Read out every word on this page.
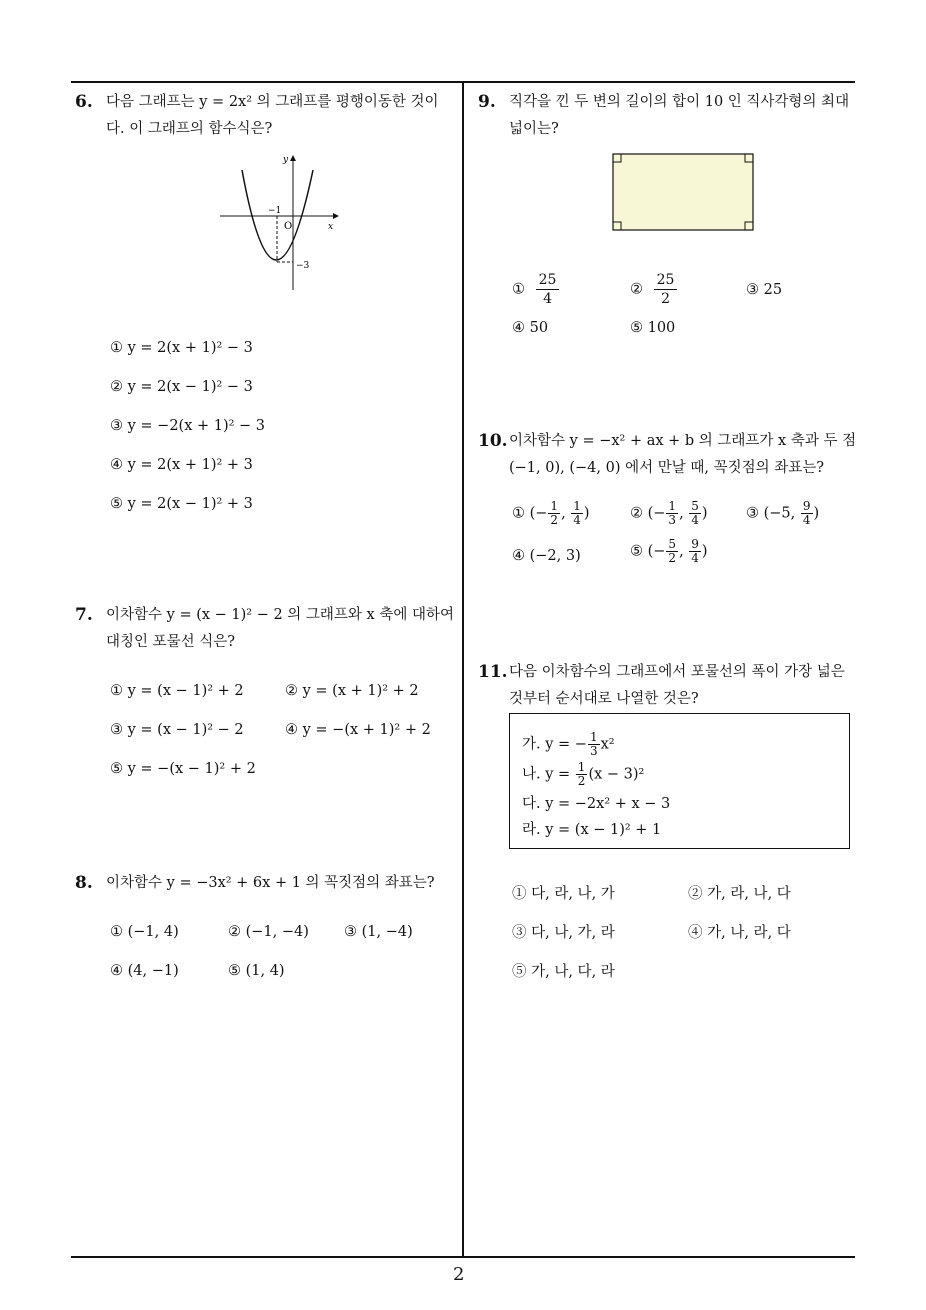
6. 다음 그래프는 y = 2x² 의 그래프를 평행이동한 것이
다. 이 그래프의 함수식은?
y
x
O
−1
−3
① y = 2(x + 1)² − 3
② y = 2(x − 1)² − 3
③ y = −2(x + 1)² − 3
④ y = 2(x + 1)² + 3
⑤ y = 2(x − 1)² + 3
7. 이차함수 y = (x − 1)² − 2 의 그래프와 x 축에 대하여
대칭인 포물선 식은?
① y = (x − 1)² + 2	② y = (x + 1)² + 2
③ y = (x − 1)² − 2	④ y = −(x + 1)² + 2
⑤ y = −(x − 1)² + 2
8. 이차함수 y = −3x² + 6x + 1 의 꼭짓점의 좌표는?
① (−1, 4)	② (−1, −4) ③ (1, −4)
④ (4, −1)	⑤ (1, 4)
9. 직각을 낀 두 변의 길이의 합이 10 인 직사각형의 최대
넓이는?
① $\frac{25}{4}$	② $\frac{25}{2}$	③ 25
④ 50	⑤ 100
10. 이차함수 y = −x² + ax + b 의 그래프가 x 축과 두 점
(−1, 0), (−4, 0) 에서 만날 때, 꼭짓점의 좌표는?
① (− $\frac{1}{2}$ , $\frac{1}{4}$ )	② (− $\frac{1}{3}$ , $\frac{5}{4}$ )	③ (−5, $\frac{9}{4}$ )
④ (−2, 3)	⑤ (− $\frac{5}{2}$ , $\frac{9}{4}$ )
11. 다음 이차함수의 그래프에서 포물선의 폭이 가장 넓은
것부터 순서대로 나열한 것은?
가. y = − $\frac{1}{3} x^2$
나. $y = \frac{1}{2} (x - 3)^2$
다. y = −2x² + x − 3
라. y = (x − 1)² + 1
① 다, 라, 나, 가	② 가, 라, 나, 다
③ 다, 나, 가, 라	④ 가, 나, 라, 다
⑤ 가, 나, 다, 라
2
